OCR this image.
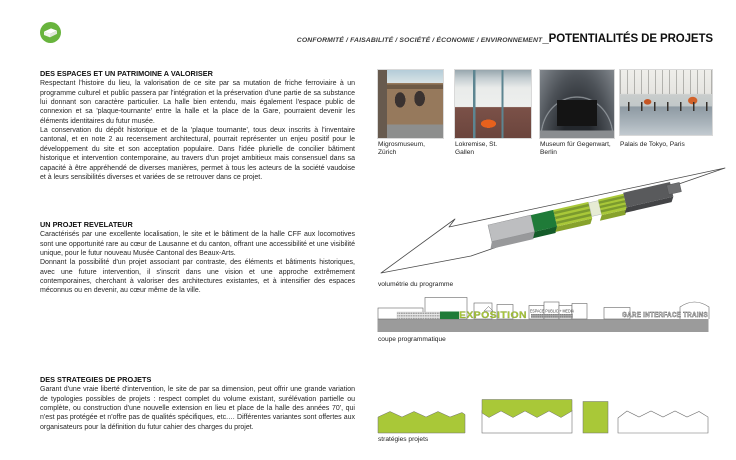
CONFORMITÉ / FAISABILITÉ / SOCIÉTÉ / ÉCONOMIE / ENVIRONNEMENT _ POTENTIALITÉS DE PROJETS
DES ESPACES ET UN PATRIMOINE A VALORISER

Respectant l'histoire du lieu, la valorisation de ce site par sa mutation de friche ferroviaire à un programme culturel et public passera par l'intégration et la préservation d'une partie de sa substance lui donnant son caractère particulier. La halle bien entendu, mais également l'espace public de connexion et sa 'plaque-tournante' entre la halle et la place de la Gare, pourraient devenir les éléments identitaires du futur musée.

La conservation du dépôt historique et de la 'plaque tournante', tous deux inscrits à l'inventaire cantonal, et en note 2 au recensement architectural, pourrait représenter un enjeu positif pour le développement du site et son acceptation populaire. Dans l'idée plurielle de concilier bâtiment historique et intervention contemporaine, au travers d'un projet ambitieux mais consensuel dans sa capacité à être appréhendé de diverses manières, permet à tous les acteurs de la société vaudoise et à leurs sensibilités diverses et variées de se retrouver dans ce projet.

UN PROJET REVELATEUR

Caractérisés par une excellente localisation, le site et le bâtiment de la halle CFF aux locomotives sont une opportunité rare au cœur de Lausanne et du canton, offrant une accessibilité et une visibilité unique, pour le futur nouveau Musée Cantonal des Beaux-Arts.

Donnant la possibilité d'un projet associant par contraste, des éléments et bâtiments historiques, avec une future intervention, il s'inscrit dans une vision et une approche extrêmement contemporaines, cherchant à valoriser des architectures existantes, et à intensifier des espaces méconnus ou en devenir, au cœur même de la ville.

DES STRATEGIES DE PROJETS

Garant d'une vraie liberté d'intervention, le site de par sa dimension, peut offrir une grande variation de typologies possibles de projets : respect complet du volume existant, surélévation partielle ou complète, ou construction d'une nouvelle extension en lieu et place de la halle des années 70', qui n'est pas protégée et n'offre pas de qualités spécifiques, etc.… Différentes variantes sont offertes aux organisateurs pour la définition du futur cahier des charges du projet.

Migrosmuseum, Zürich
Lokremise, St. Gallen
Museum für Gegenwart, Berlin
Palais de Tokyo, Paris
volumétrie du programme
EXPOSITION ESPACE PUBLIC + MEDIA
GARE INTERFACE TRAINS
coupe programmatique
stratégies projets
